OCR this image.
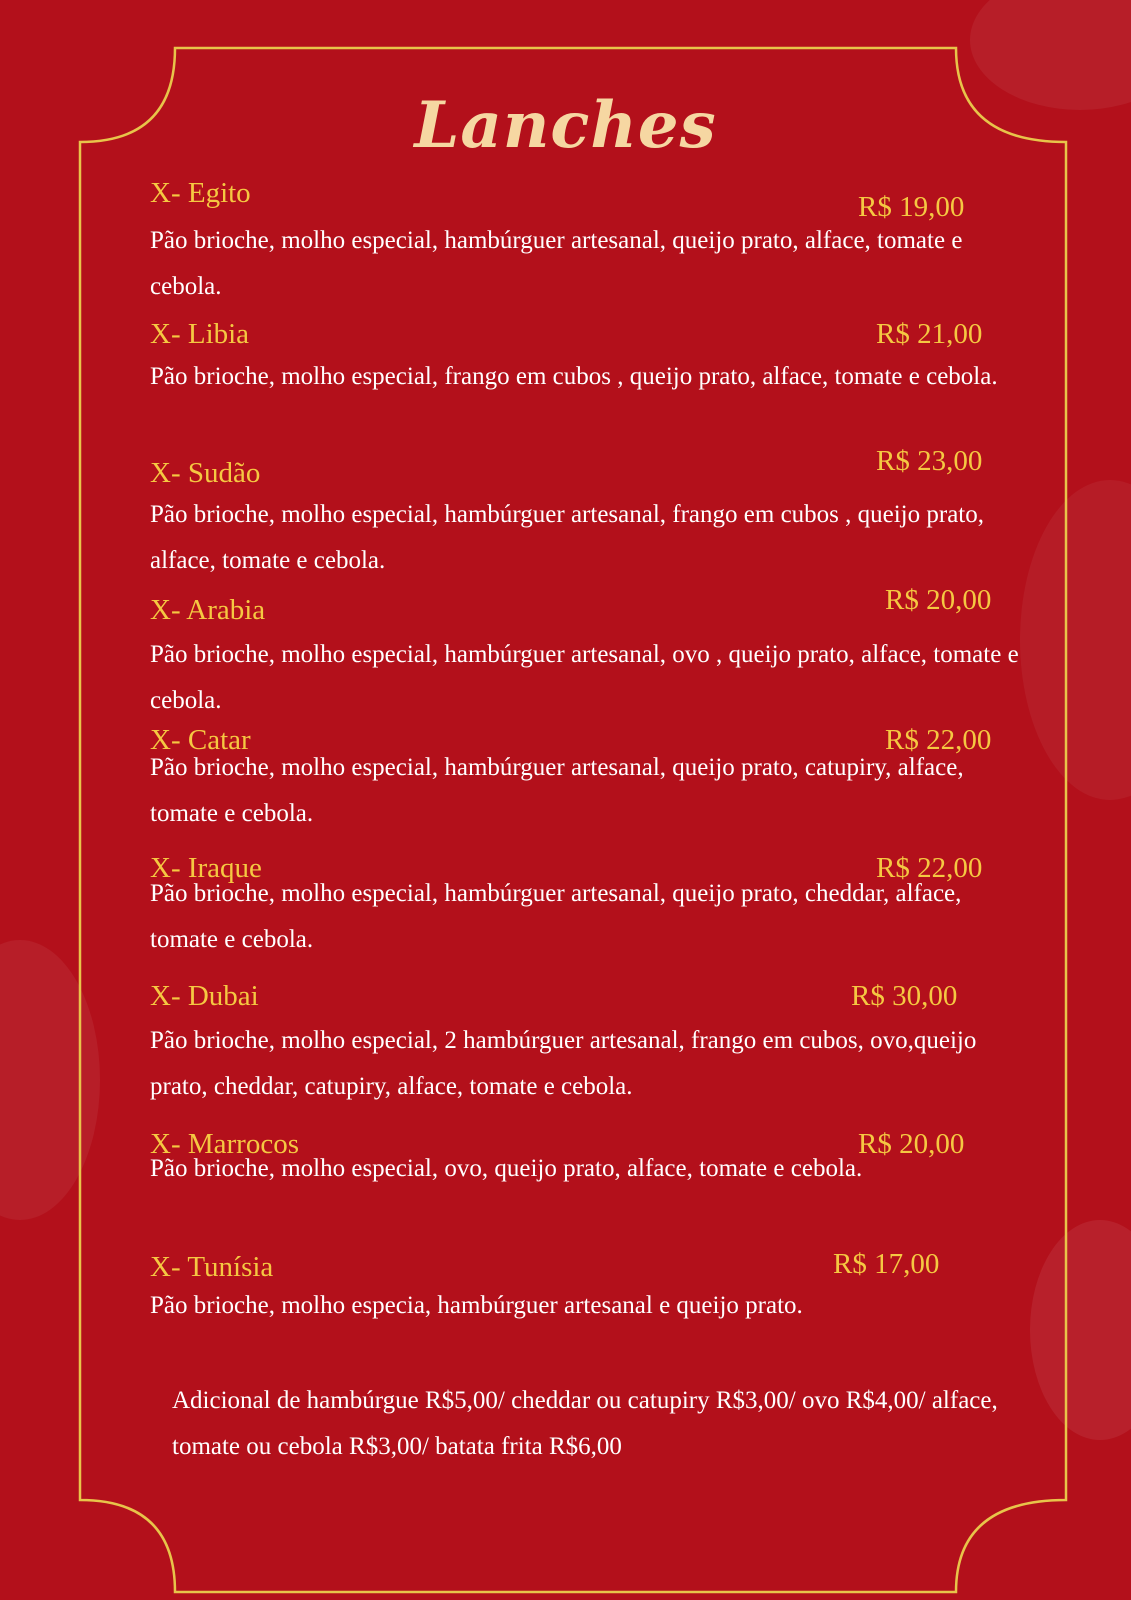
Lanches
X- Egito	R$ 19,00
Pão brioche, molho especial, hambúrguer artesanal, queijo prato, alface, tomate e cebola.
X- Libia	R$ 21,00
Pão brioche, molho especial, frango em cubos , queijo prato, alface, tomate e cebola.
X- Sudão	R$ 23,00
Pão brioche, molho especial, hambúrguer artesanal, frango em cubos , queijo prato, alface, tomate e cebola.
X- Arabia	R$ 20,00
Pão brioche, molho especial, hambúrguer artesanal, ovo , queijo prato, alface, tomate e cebola.
X- Catar	R$ 22,00
Pão brioche, molho especial, hambúrguer artesanal, queijo prato, catupiry, alface, tomate e cebola.
X- Iraque	R$ 22,00
Pão brioche, molho especial, hambúrguer artesanal, queijo prato, cheddar, alface, tomate e cebola.
X- Dubai	R$ 30,00
Pão brioche, molho especial, 2 hambúrguer artesanal, frango em cubos, ovo,queijo prato, cheddar, catupiry, alface, tomate e cebola.
X- Marrocos	R$ 20,00
Pão brioche, molho especial, ovo, queijo prato, alface, tomate e cebola.
X- Tunísia	R$ 17,00
Pão brioche, molho especia, hambúrguer artesanal e queijo prato.
Adicional de hambúrgue R$5,00/ cheddar ou catupiry R$3,00/ ovo R$4,00/ alface, tomate ou cebola R$3,00/ batata frita R$6,00
